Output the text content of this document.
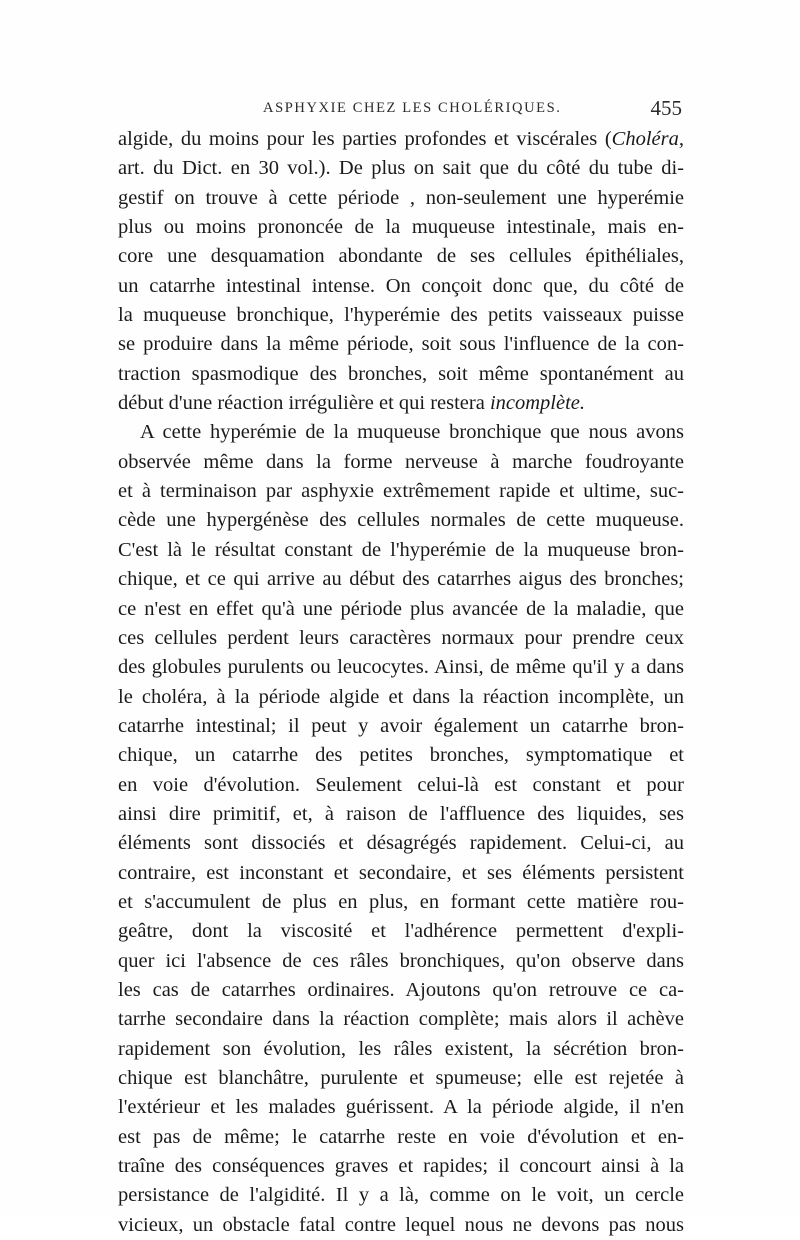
ASPHYXIE CHEZ LES CHOLÉRIQUES.	455
algide, du moins pour les parties profondes et viscérales (Choléra,
art. du Dict. en 30 vol.). De plus on sait que du côté du tube di-
gestif on trouve à cette période , non-seulement une hyperémie
plus ou moins prononcée de la muqueuse intestinale, mais en-
core une desquamation abondante de ses cellules épithéliales,
un catarrhe intestinal intense. On conçoit donc que, du côté de
la muqueuse bronchique, l'hyperémie des petits vaisseaux puisse
se produire dans la même période, soit sous l'influence de la con-
traction spasmodique des bronches, soit même spontanément au
début d'une réaction irrégulière et qui restera incomplète.
A cette hyperémie de la muqueuse bronchique que nous avons
observée même dans la forme nerveuse à marche foudroyante
et à terminaison par asphyxie extrêmement rapide et ultime, suc-
cède une hypergénèse des cellules normales de cette muqueuse.
C'est là le résultat constant de l'hyperémie de la muqueuse bron-
chique, et ce qui arrive au début des catarrhes aigus des bronches;
ce n'est en effet qu'à une période plus avancée de la maladie, que
ces cellules perdent leurs caractères normaux pour prendre ceux
des globules purulents ou leucocytes. Ainsi, de même qu'il y a dans
le choléra, à la période algide et dans la réaction incomplète, un
catarrhe intestinal; il peut y avoir également un catarrhe bron-
chique, un catarrhe des petites bronches, symptomatique et
en voie d'évolution. Seulement celui-là est constant et pour
ainsi dire primitif, et, à raison de l'affluence des liquides, ses
éléments sont dissociés et désagrégés rapidement. Celui-ci, au
contraire, est inconstant et secondaire, et ses éléments persistent
et s'accumulent de plus en plus, en formant cette matière rou-
geâtre, dont la viscosité et l'adhérence permettent d'expli-
quer ici l'absence de ces râles bronchiques, qu'on observe dans
les cas de catarrhes ordinaires. Ajoutons qu'on retrouve ce ca-
tarrhe secondaire dans la réaction complète; mais alors il achève
rapidement son évolution, les râles existent, la sécrétion bron-
chique est blanchâtre, purulente et spumeuse; elle est rejetée à
l'extérieur et les malades guérissent. A la période algide, il n'en
est pas de même; le catarrhe reste en voie d'évolution et en-
traîne des conséquences graves et rapides; il concourt ainsi à la
persistance de l'algidité. Il y a là, comme on le voit, un cercle
vicieux, un obstacle fatal contre lequel nous ne devons pas nous
